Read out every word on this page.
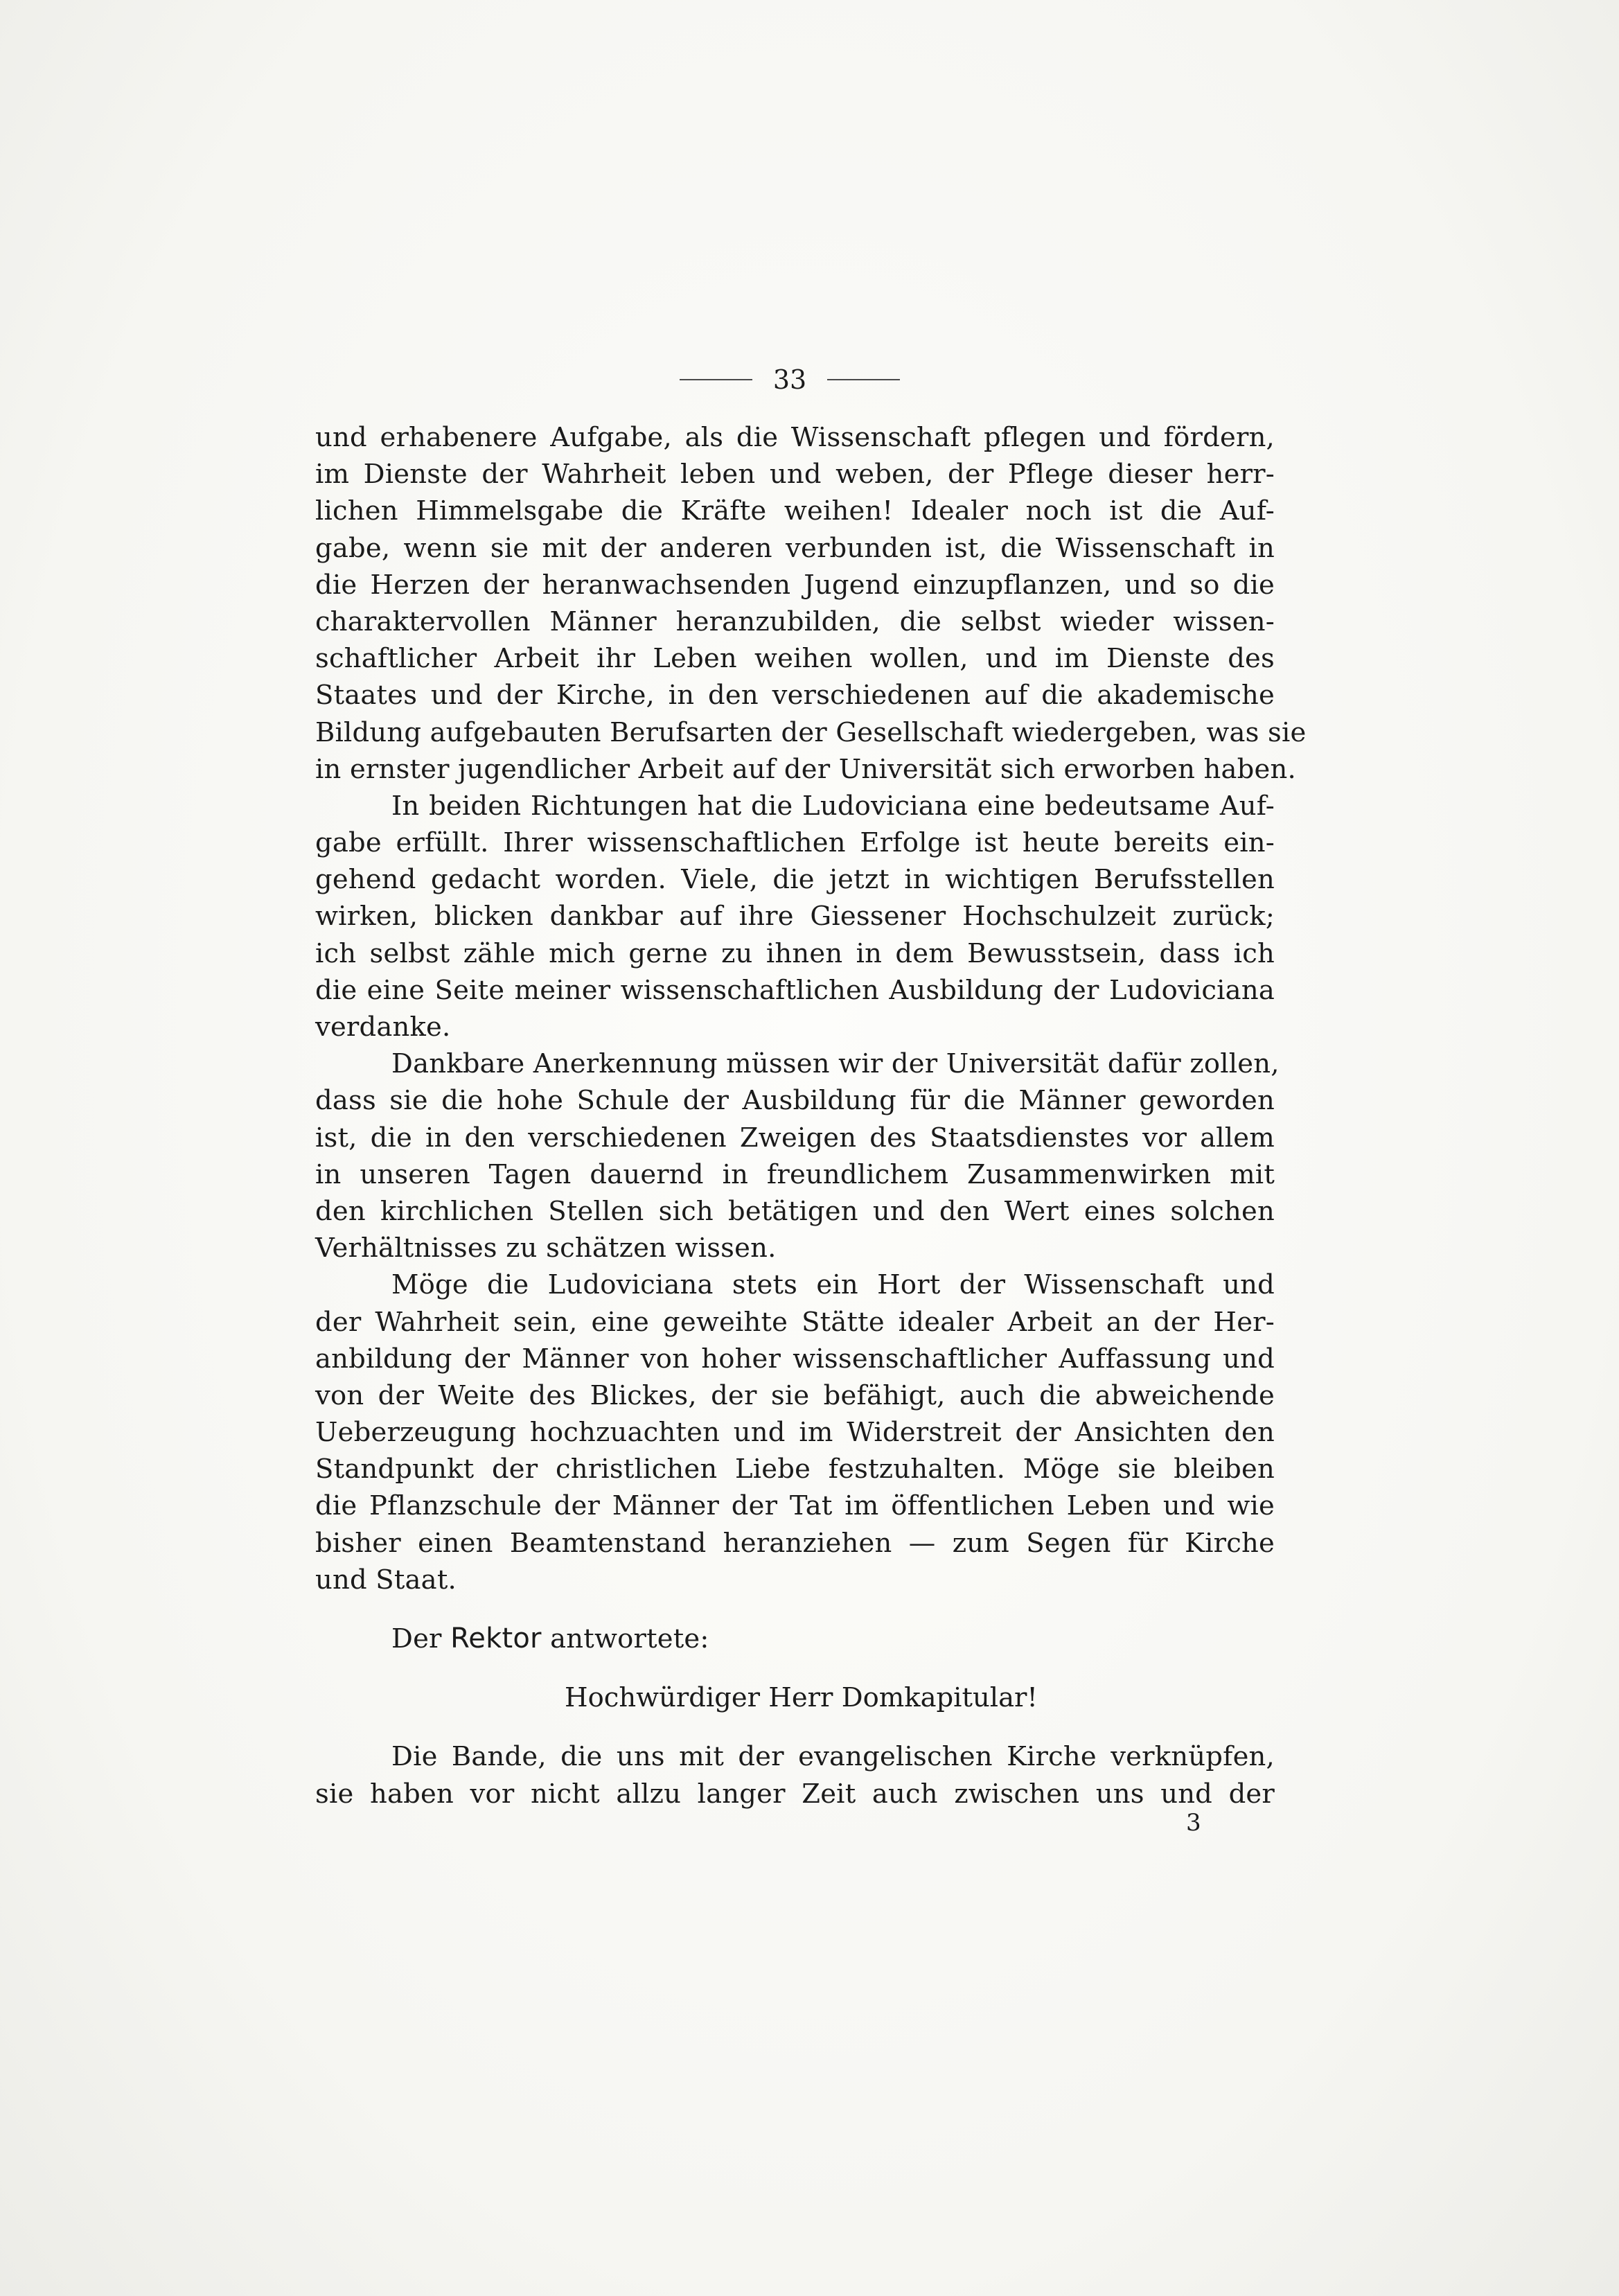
33
und erhabenere Aufgabe, als die Wissenschaft pflegen und fördern,
im Dienste der Wahrheit leben und weben, der Pflege dieser herr-
lichen Himmelsgabe die Kräfte weihen! Idealer noch ist die Auf-
gabe, wenn sie mit der anderen verbunden ist, die Wissenschaft in
die Herzen der heranwachsenden Jugend einzupflanzen, und so die
charaktervollen Männer heranzubilden, die selbst wieder wissen-
schaftlicher Arbeit ihr Leben weihen wollen, und im Dienste des
Staates und der Kirche, in den verschiedenen auf die akademische
Bildung aufgebauten Berufsarten der Gesellschaft wiedergeben, was sie
in ernster jugendlicher Arbeit auf der Universität sich erworben haben.
In beiden Richtungen hat die Ludoviciana eine bedeutsame Auf-
gabe erfüllt. Ihrer wissenschaftlichen Erfolge ist heute bereits ein-
gehend gedacht worden. Viele, die jetzt in wichtigen Berufsstellen
wirken, blicken dankbar auf ihre Giessener Hochschulzeit zurück;
ich selbst zähle mich gerne zu ihnen in dem Bewusstsein, dass ich
die eine Seite meiner wissenschaftlichen Ausbildung der Ludoviciana
verdanke.
Dankbare Anerkennung müssen wir der Universität dafür zollen,
dass sie die hohe Schule der Ausbildung für die Männer geworden
ist, die in den verschiedenen Zweigen des Staatsdienstes vor allem
in unseren Tagen dauernd in freundlichem Zusammenwirken mit
den kirchlichen Stellen sich betätigen und den Wert eines solchen
Verhältnisses zu schätzen wissen.
Möge die Ludoviciana stets ein Hort der Wissenschaft und
der Wahrheit sein, eine geweihte Stätte idealer Arbeit an der Her-
anbildung der Männer von hoher wissenschaftlicher Auffassung und
von der Weite des Blickes, der sie befähigt, auch die abweichende
Ueberzeugung hochzuachten und im Widerstreit der Ansichten den
Standpunkt der christlichen Liebe festzuhalten. Möge sie bleiben
die Pflanzschule der Männer der Tat im öffentlichen Leben und wie
bisher einen Beamtenstand heranziehen — zum Segen für Kirche
und Staat.
Der Rektor antwortete:
Hochwürdiger Herr Domkapitular!
Die Bande, die uns mit der evangelischen Kirche verknüpfen,
sie haben vor nicht allzu langer Zeit auch zwischen uns und der
3
